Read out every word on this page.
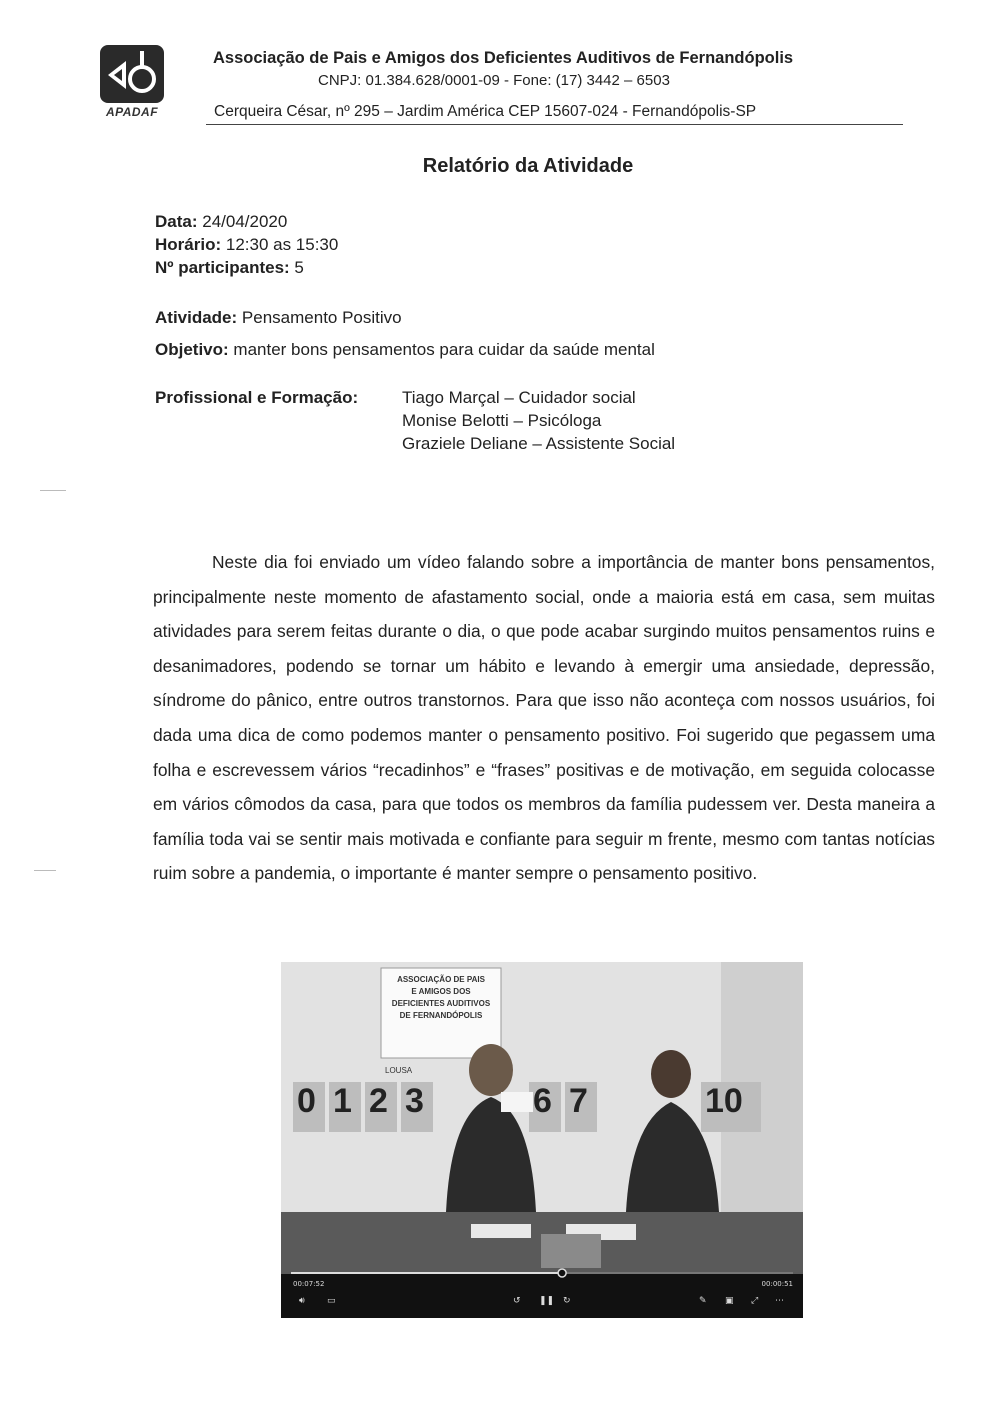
APADAF
Associação de Pais e Amigos dos Deficientes Auditivos de Fernandópolis
CNPJ: 01.384.628/0001-09 - Fone: (17) 3442 – 6503
Cerqueira César, nº 295 – Jardim América CEP 15607-024 - Fernandópolis-SP
Relatório da Atividade
Data: 24/04/2020
Horário: 12:30 as 15:30
Nº participantes: 5
Atividade: Pensamento Positivo
Objetivo: manter bons pensamentos para cuidar da saúde mental
Profissional e Formação:	Tiago Marçal – Cuidador social
Monise Belotti – Psicóloga
Graziele Deliane – Assistente Social
Neste dia foi enviado um vídeo falando sobre a importância de manter bons pensamentos, principalmente neste momento de afastamento social, onde a maioria está em casa, sem muitas atividades para serem feitas durante o dia, o que pode acabar surgindo muitos pensamentos ruins e desanimadores, podendo se tornar um hábito e levando à emergir uma ansiedade, depressão, síndrome do pânico, entre outros transtornos. Para que isso não aconteça com nossos usuários, foi dada uma dica de como podemos manter o pensamento positivo. Foi sugerido que pegassem uma folha e escrevessem vários “recadinhos” e “frases” positivas e de motivação, em seguida colocasse em vários cômodos da casa, para que todos os membros da família pudessem ver. Desta maneira a família toda vai se sentir mais motivada e confiante para seguir m frente, mesmo com tantas notícias ruim sobre a pandemia, o importante é manter sempre o pensamento positivo.
ASSOCIAÇÃO DE PAIS
E AMIGOS DOS
DEFICIENTES AUDITIVOS
DE FERNANDÓPOLIS
LOUSA
0 1 2 3	6 7	10
00:07:52	00:00:51
🔊︎ ▭	↺ ❚❚ ↻	✎ ▣ ⤢ ⋯
